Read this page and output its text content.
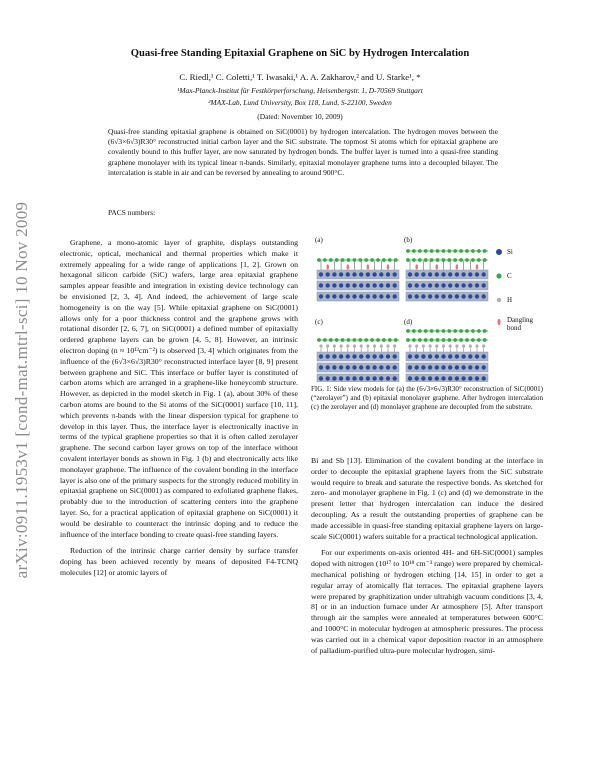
arXiv:0911.1953v1 [cond-mat.mtrl-sci] 10 Nov 2009
Quasi-free Standing Epitaxial Graphene on SiC by Hydrogen Intercalation
C. Riedl,¹ C. Coletti,¹ T. Iwasaki,¹ A. A. Zakharov,² and U. Starke¹, *
¹Max-Planck-Institut für Festkörperforschung, Heisenbergstr. 1, D-70569 Stuttgart
²MAX-Lab, Lund University, Box 118, Lund, S-22100, Sweden
(Dated: November 10, 2009)
Quasi-free standing epitaxial graphene is obtained on SiC(0001) by hydrogen intercalation. The hydrogen moves between the (6√3×6√3)R30° reconstructed initial carbon layer and the SiC substrate. The topmost Si atoms which for epitaxial graphene are covalently bound to this buffer layer, are now saturated by hydrogen bonds. The buffer layer is turned into a quasi-free standing graphene monolayer with its typical linear π-bands. Similarly, epitaxial monolayer graphene turns into a decoupled bilayer. The intercalation is stable in air and can be reversed by annealing to around 900°C.
PACS numbers:

Graphene, a mono-atomic layer of graphite, displays outstanding electronic, optical, mechanical and thermal properties which make it extremely appealing for a wide range of applications [1, 2]. Grown on hexagonal silicon carbide (SiC) wafers, large area epitaxial graphene samples appear feasible and integration in existing device technology can be envisioned [2, 3, 4]. And indeed, the achievement of large scale homogeneity is on the way [5]. While epitaxial graphene on SiC(0001) allows only for a poor thickness control and the graphene grows with rotational disorder [2, 6, 7], on SiC(0001) a defined number of epitaxially ordered graphene layers can be grown [4, 5, 8]. However, an intrinsic electron doping (n ≈ 10¹³cm⁻²) is observed [3, 4] which originates from the influence of the (6√3×6√3)R30° reconstructed interface layer [8, 9] present between graphene and SiC. This interface or buffer layer is constituted of carbon atoms which are arranged in a graphene-like honeycomb structure. However, as depicted in the model sketch in Fig. 1 (a), about 30% of these carbon atoms are bound to the Si atoms of the SiC(0001) surface [10, 11], which prevents π-bands with the linear dispersion typical for graphene to develop in this layer. Thus, the interface layer is electronically inactive in terms of the typical graphene properties so that it is often called zerolayer graphene. The second carbon layer grows on top of the interface without covalent interlayer bonds as shown in Fig. 1 (b) and electronically acts like monolayer graphene. The influence of the covalent bonding in the interface layer is also one of the primary suspects for the strongly reduced mobility in epitaxial graphene on SiC(0001) as compared to exfoliated graphene flakes, probably due to the introduction of scattering centers into the graphene layer. So, for a practical application of epitaxial graphene on SiC(0001) it would be desirable to counteract the intrinsic doping and to reduce the influence of the interface bonding to create quasi-free standing layers.

Reduction of the intrinsic charge carrier density by surface transfer doping has been achieved recently by means of deposited F4-TCNQ molecules [12] or atomic layers of

(a)	(b)
(c)	(d)
Si
C
H
Dangling bond
FIG. 1: Side view models for (a) the (6√3×6√3)R30° reconstruction of SiC(0001) (“zerolayer”) and (b) epitaxial monolayer graphene. After hydrogen intercalation (c) the zerolayer and (d) monolayer graphene are decoupled from the substrate.

Bi and Sb [13]. Elimination of the covalent bonding at the interface in order to decouple the epitaxial graphene layers from the SiC substrate would require to break and saturate the respective bonds. As sketched for zero- and monolayer graphene in Fig. 1 (c) and (d) we demonstrate in the present letter that hydrogen intercalation can induce the desired decoupling. As a result the outstanding properties of graphene can be made accessible in quasi-free standing epitaxial graphene layers on large-scale SiC(0001) wafers suitable for a practical technological application.

For our experiments on-axis oriented 4H- and 6H-SiC(0001) samples doped with nitrogen (10¹⁷ to 10¹⁸ cm⁻³ range) were prepared by chemical-mechanical polishing or hydrogen etching [14, 15] in order to get a regular array of atomically flat terraces. The epitaxial graphene layers were prepared by graphitization under ultrahigh vacuum conditions [3, 4, 8] or in an induction furnace under Ar atmosphere [5]. After transport through air the samples were annealed at temperatures between 600°C and 1000°C in molecular hydrogen at atmospheric pressures. The process was carried out in a chemical vapor deposition reactor in an atmosphere of palladium-purified ultra-pure molecular hydrogen, simi-
